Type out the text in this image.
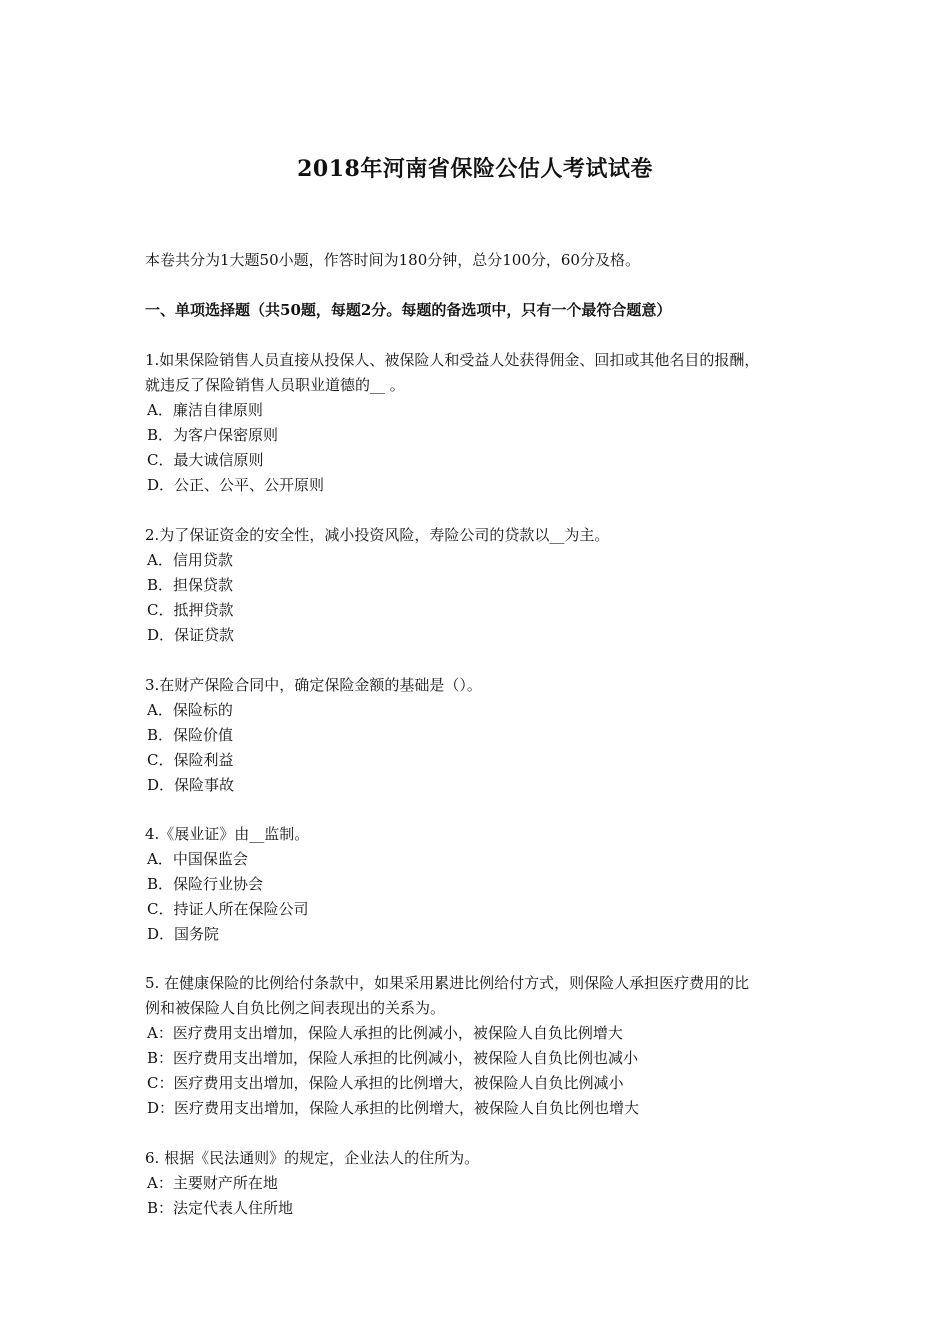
2018年河南省保险公估人考试试卷
本卷共分为1大题50小题，作答时间为180分钟，总分100分，60分及格。
一、单项选择题（共50题，每题2分。每题的备选项中，只有一个最符合题意）
1.如果保险销售人员直接从投保人、被保险人和受益人处获得佣金、回扣或其他名目的报酬，
就违反了保险销售人员职业道德的__ 。
A．廉洁自律原则
B．为客户保密原则
C．最大诚信原则
D．公正、公平、公开原则
2.为了保证资金的安全性，减小投资风险，寿险公司的贷款以__为主。
A．信用贷款
B．担保贷款
C．抵押贷款
D．保证贷款
3.在财产保险合同中，确定保险金额的基础是（）。
A．保险标的
B．保险价值
C．保险利益
D．保险事故
4.《展业证》由__监制。
A．中国保监会
B．保险行业协会
C．持证人所在保险公司
D．国务院
5. 在健康保险的比例给付条款中，如果采用累进比例给付方式，则保险人承担医疗费用的比
例和被保险人自负比例之间表现出的关系为。
A：医疗费用支出增加，保险人承担的比例减小，被保险人自负比例增大
B：医疗费用支出增加，保险人承担的比例减小，被保险人自负比例也减小
C：医疗费用支出增加，保险人承担的比例增大，被保险人自负比例减小
D：医疗费用支出增加，保险人承担的比例增大，被保险人自负比例也增大
6. 根据《民法通则》的规定，企业法人的住所为。
A：主要财产所在地
B：法定代表人住所地
